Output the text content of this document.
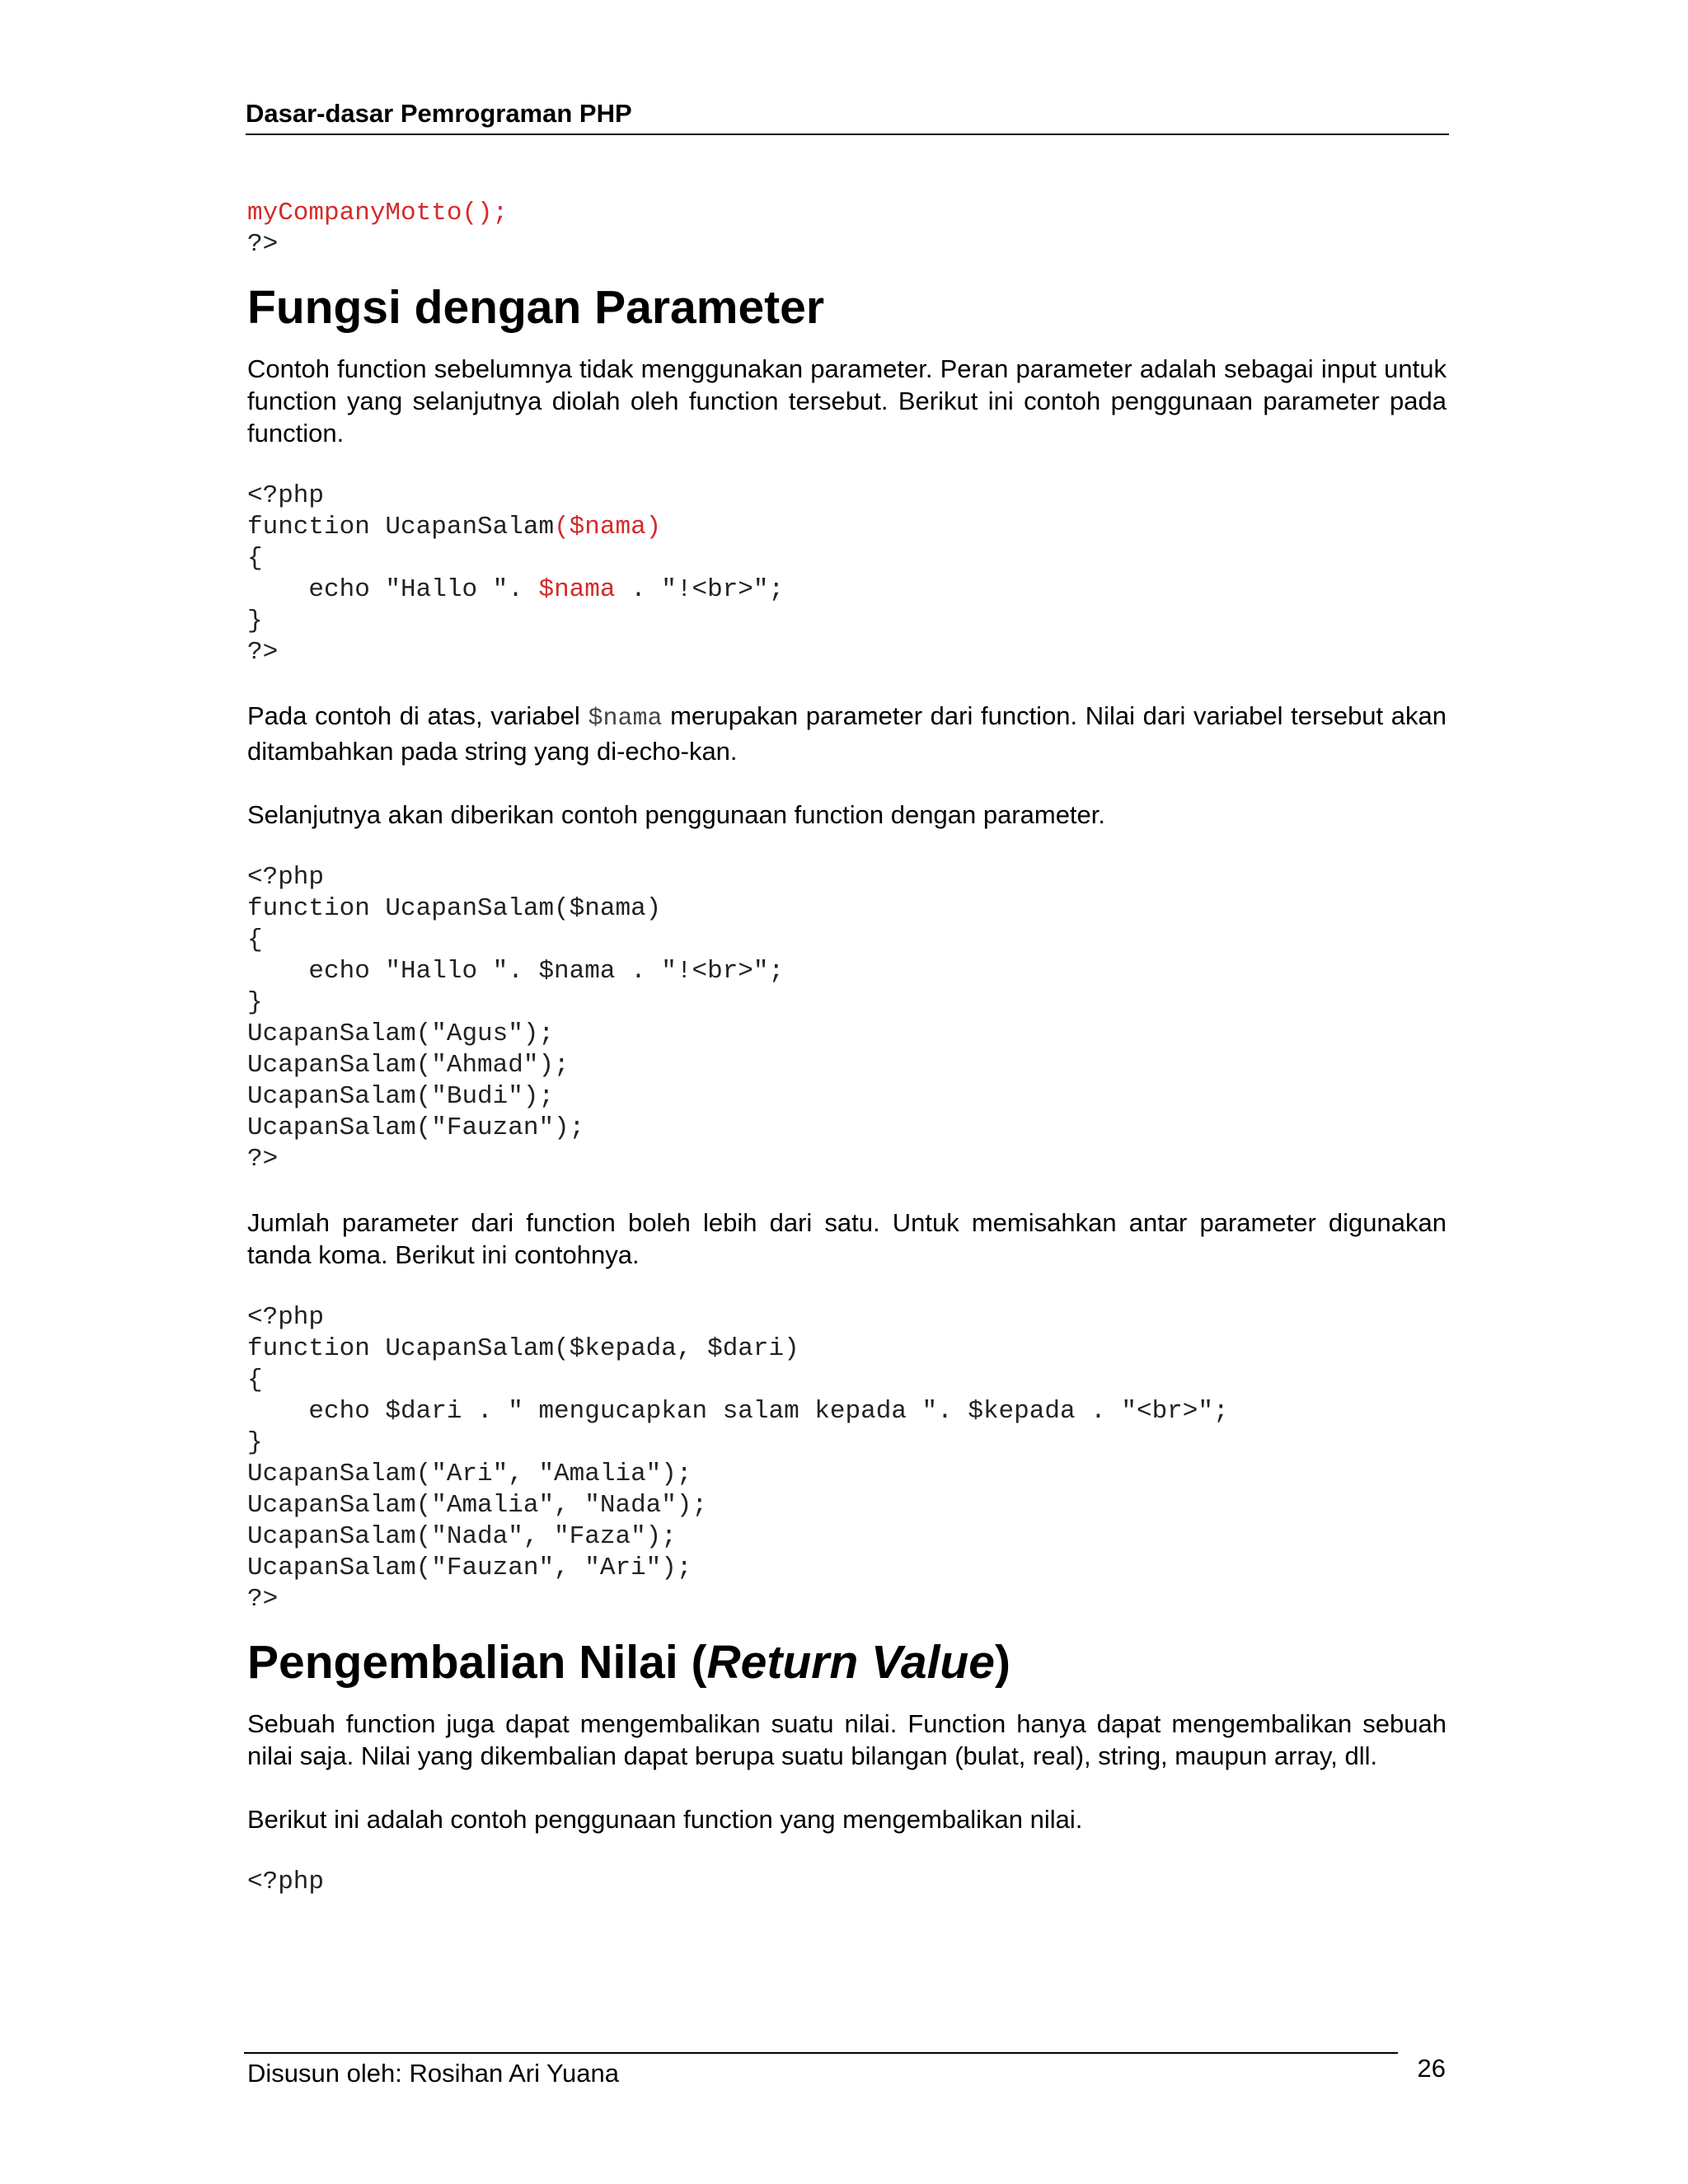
Dasar-dasar Pemrograman PHP
myCompanyMotto();
?>
Fungsi dengan Parameter

Contoh function sebelumnya tidak menggunakan parameter. Peran parameter adalah sebagai input untuk function yang selanjutnya diolah oleh function tersebut. Berikut ini contoh penggunaan parameter pada function.

<?php
function UcapanSalam($nama)
{
echo "Hallo ". $nama . "!<br>";
}
?>

Pada contoh di atas, variabel $nama merupakan parameter dari function. Nilai dari variabel tersebut akan ditambahkan pada string yang di-echo-kan.

Selanjutnya akan diberikan contoh penggunaan function dengan parameter.

<?php
function UcapanSalam($nama)
{
echo "Hallo ". $nama . "!<br>";
}
UcapanSalam("Agus");
UcapanSalam("Ahmad");
UcapanSalam("Budi");
UcapanSalam("Fauzan");
?>

Jumlah parameter dari function boleh lebih dari satu. Untuk memisahkan antar parameter digunakan tanda koma. Berikut ini contohnya.

<?php
function UcapanSalam($kepada, $dari)
{
echo $dari . " mengucapkan salam kepada ". $kepada . "<br>";
}
UcapanSalam("Ari", "Amalia");
UcapanSalam("Amalia", "Nada");
UcapanSalam("Nada", "Faza");
UcapanSalam("Fauzan", "Ari");
?>
Pengembalian Nilai (Return Value)

Sebuah function juga dapat mengembalikan suatu nilai. Function hanya dapat mengembalikan sebuah nilai saja. Nilai yang dikembalian dapat berupa suatu bilangan (bulat, real), string, maupun array, dll.

Berikut ini adalah contoh penggunaan function yang mengembalikan nilai.

<?php
Disusun oleh: Rosihan Ari Yuana	26
